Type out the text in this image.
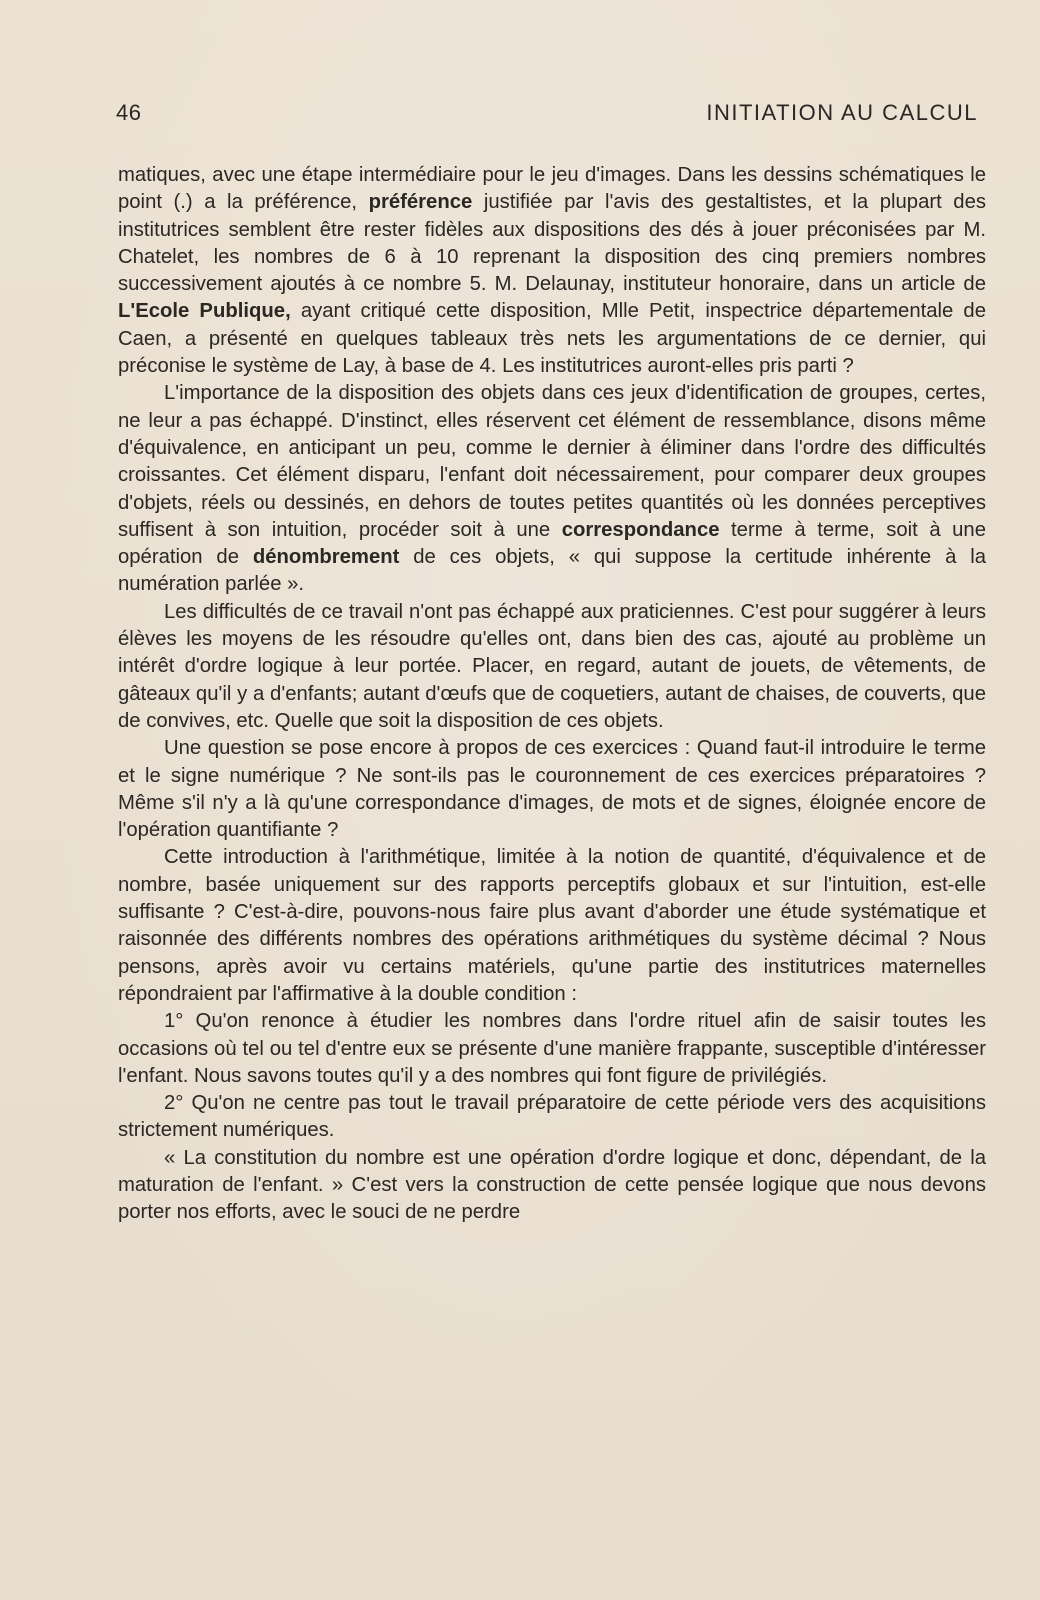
46	INITIATION AU CALCUL

matiques, avec une étape intermédiaire pour le jeu d'images. Dans les dessins schématiques le point (.) a la préférence, préférence justifiée par l'avis des gestaltistes, et la plupart des institutrices semblent être rester fidèles aux dispositions des dés à jouer préconisées par M. Chatelet, les nombres de 6 à 10 reprenant la disposition des cinq premiers nombres successivement ajoutés à ce nombre 5. M. Delaunay, instituteur honoraire, dans un article de L'Ecole Publique, ayant critiqué cette disposition, Mlle Petit, inspectrice départementale de Caen, a présenté en quelques tableaux très nets les argumentations de ce dernier, qui préconise le système de Lay, à base de 4. Les institutrices auront-elles pris parti ?

L'importance de la disposition des objets dans ces jeux d'identification de groupes, certes, ne leur a pas échappé. D'instinct, elles réservent cet élément de ressemblance, disons même d'équivalence, en anticipant un peu, comme le dernier à éliminer dans l'ordre des difficultés croissantes. Cet élément disparu, l'enfant doit nécessairement, pour comparer deux groupes d'objets, réels ou dessinés, en dehors de toutes petites quantités où les données perceptives suffisent à son intuition, procéder soit à une correspondance terme à terme, soit à une opération de dénombrement de ces objets, « qui suppose la certitude inhérente à la numération parlée ».

Les difficultés de ce travail n'ont pas échappé aux praticiennes. C'est pour suggérer à leurs élèves les moyens de les résoudre qu'elles ont, dans bien des cas, ajouté au problème un intérêt d'ordre logique à leur portée. Placer, en regard, autant de jouets, de vêtements, de gâteaux qu'il y a d'enfants; autant d'œufs que de coquetiers, autant de chaises, de couverts, que de convives, etc. Quelle que soit la disposition de ces objets.

Une question se pose encore à propos de ces exercices : Quand faut-il introduire le terme et le signe numérique ? Ne sont-ils pas le couronnement de ces exercices préparatoires ? Même s'il n'y a là qu'une correspondance d'images, de mots et de signes, éloignée encore de l'opération quantifiante ?

Cette introduction à l'arithmétique, limitée à la notion de quantité, d'équivalence et de nombre, basée uniquement sur des rapports perceptifs globaux et sur l'intuition, est-elle suffisante ? C'est-à-dire, pouvons-nous faire plus avant d'aborder une étude systématique et raisonnée des différents nombres des opérations arithmétiques du système décimal ? Nous pensons, après avoir vu certains matériels, qu'une partie des institutrices maternelles répondraient par l'affirmative à la double condition :

1° Qu'on renonce à étudier les nombres dans l'ordre rituel afin de saisir toutes les occasions où tel ou tel d'entre eux se présente d'une manière frappante, susceptible d'intéresser l'enfant. Nous savons toutes qu'il y a des nombres qui font figure de privilégiés.

2° Qu'on ne centre pas tout le travail préparatoire de cette période vers des acquisitions strictement numériques.

« La constitution du nombre est une opération d'ordre logique et donc, dépendant, de la maturation de l'enfant. » C'est vers la construction de cette pensée logique que nous devons porter nos efforts, avec le souci de ne perdre
